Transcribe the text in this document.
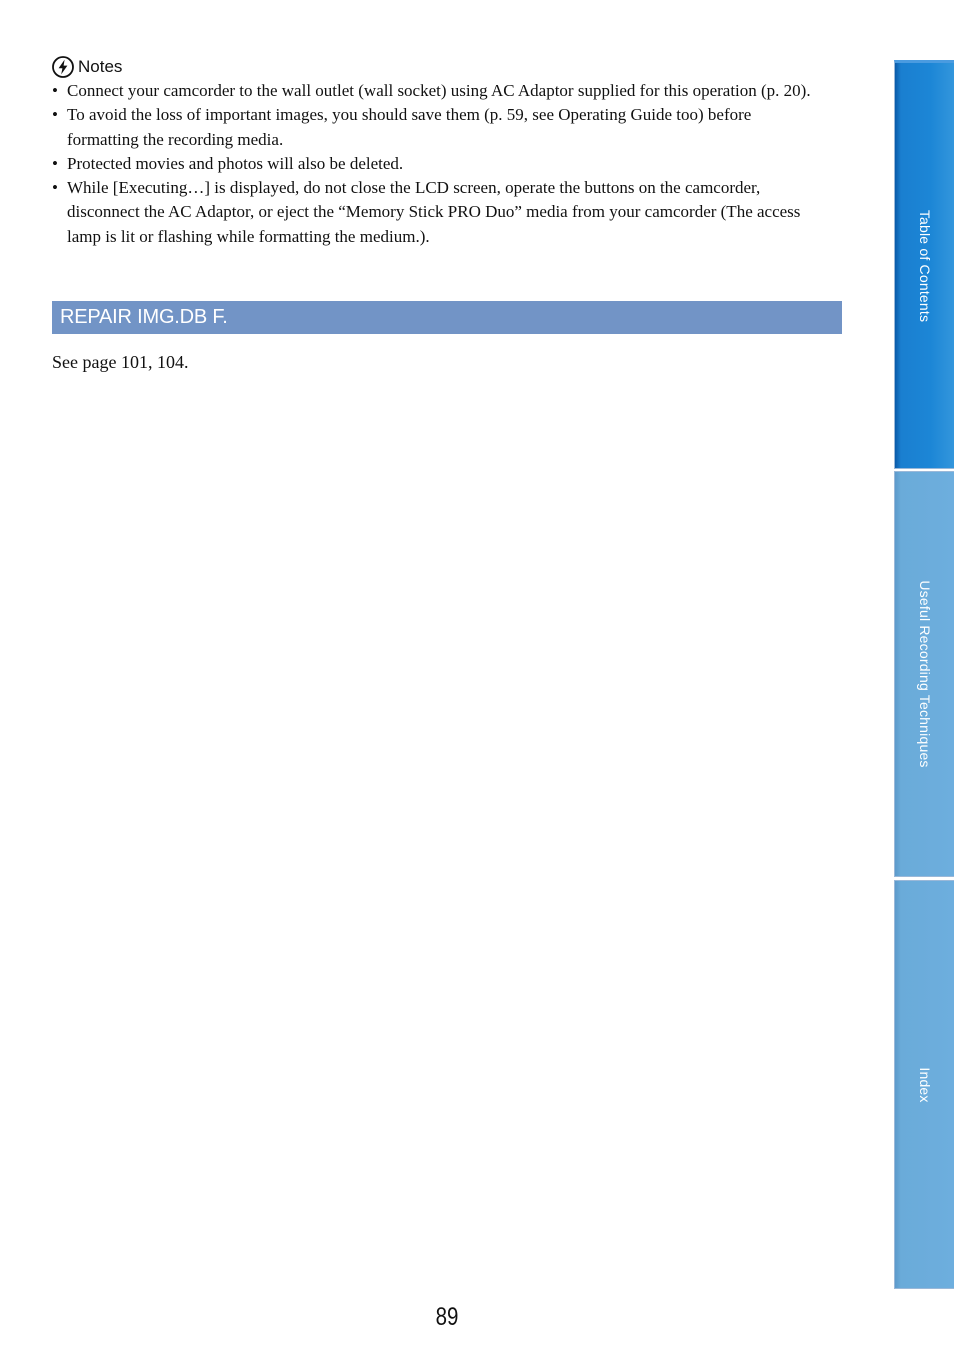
Notes
• Connect your camcorder to the wall outlet (wall socket) using AC Adaptor supplied for this operation (p. 20).
• To avoid the loss of important images, you should save them (p. 59, see Operating Guide too) before formatting the recording media.
• Protected movies and photos will also be deleted.
• While [Executing…] is displayed, do not close the LCD screen, operate the buttons on the camcorder, disconnect the AC Adaptor, or eject the “Memory Stick PRO Duo” media from your camcorder (The access lamp is lit or flashing while formatting the medium.).
REPAIR IMG.DB F.

See page 101, 104.

Table of Contents
Useful Recording Techniques
Index
89
